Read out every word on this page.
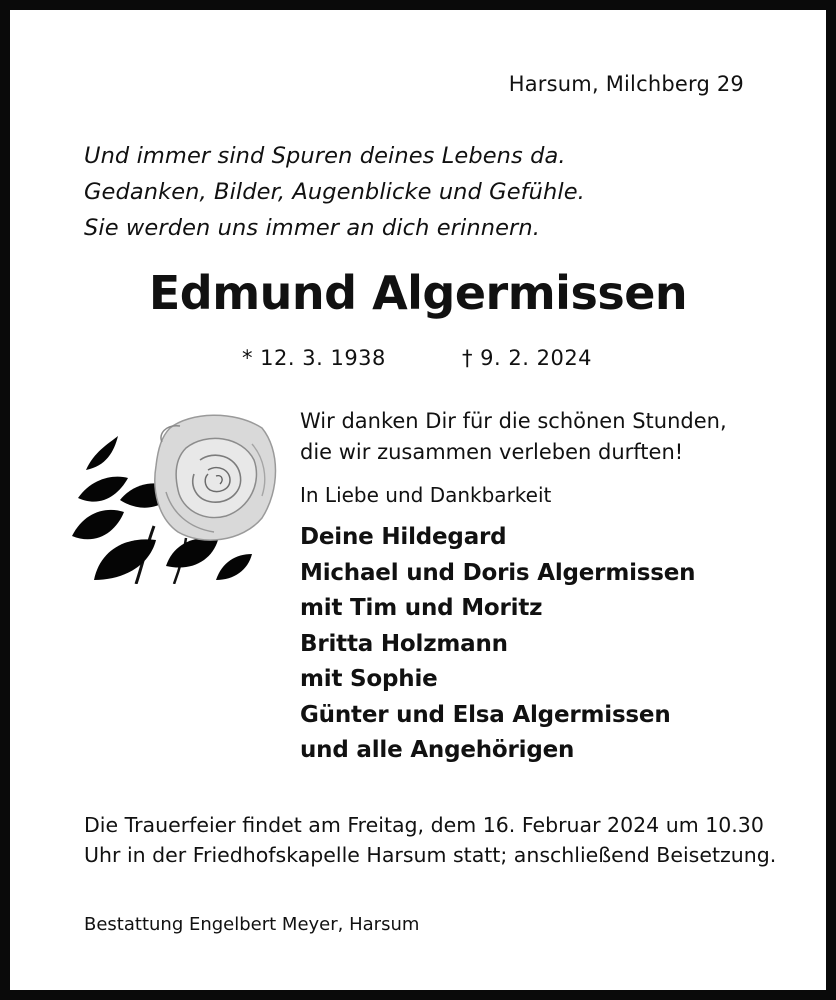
Harsum, Milchberg 29
Und immer sind Spuren deines Lebens da.
Gedanken, Bilder, Augenblicke und Gefühle.
Sie werden uns immer an dich erinnern.
Edmund Algermissen
* 12. 3. 1938	† 9. 2. 2024
Wir danken Dir für die schönen Stunden,
die wir zusammen verleben durften!
In Liebe und Dankbarkeit
Deine Hildegard
Michael und Doris Algermissen
mit Tim und Moritz
Britta Holzmann
mit Sophie
Günter und Elsa Algermissen
und alle Angehörigen
Die Trauerfeier findet am Freitag, dem 16. Februar 2024 um 10.30 Uhr in der Friedhofskapelle Harsum statt; anschließend Beisetzung.
Bestattung Engelbert Meyer, Harsum
